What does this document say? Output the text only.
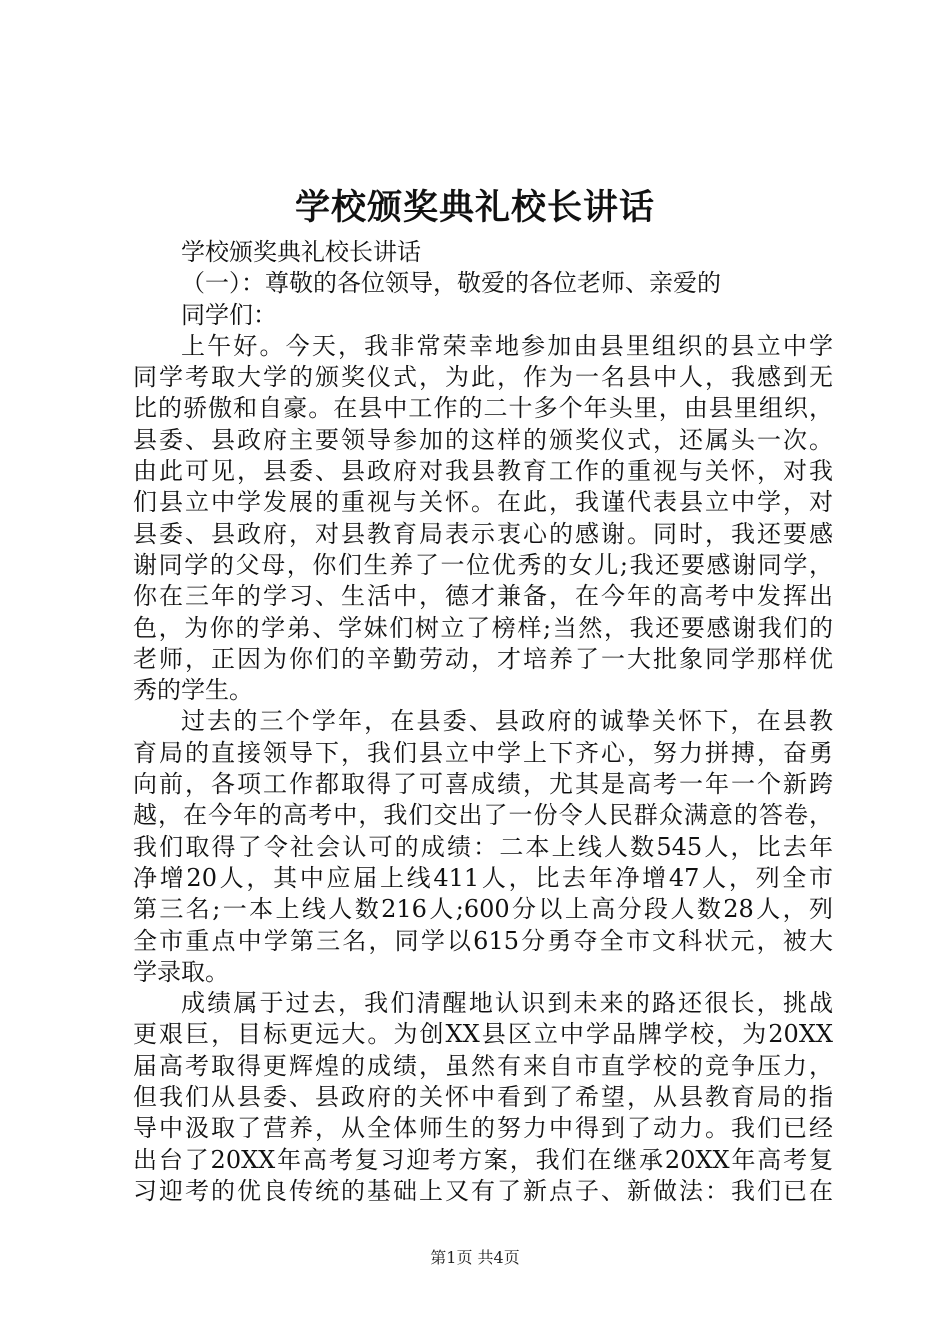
学校颁奖典礼校长讲话
学校颁奖典礼校长讲话
（一）：尊敬的各位领导，敬爱的各位老师、亲爱的
同学们：
上午好。今天，我非常荣幸地参加由县里组织的县立中学
同学考取大学的颁奖仪式，为此，作为一名县中人，我感到无
比的骄傲和自豪。在县中工作的二十多个年头里，由县里组织，
县委、县政府主要领导参加的这样的颁奖仪式，还属头一次。
由此可见，县委、县政府对我县教育工作的重视与关怀，对我
们县立中学发展的重视与关怀。在此，我谨代表县立中学，对
县委、县政府，对县教育局表示衷心的感谢。同时，我还要感
谢同学的父母，你们生养了一位优秀的女儿;我还要感谢同学，
你在三年的学习、生活中，德才兼备，在今年的高考中发挥出
色，为你的学弟、学妹们树立了榜样;当然，我还要感谢我们的
老师，正因为你们的辛勤劳动，才培养了一大批象同学那样优
秀的学生。
过去的三个学年，在县委、县政府的诚挚关怀下，在县教
育局的直接领导下，我们县立中学上下齐心，努力拼搏，奋勇
向前，各项工作都取得了可喜成绩，尤其是高考一年一个新跨
越，在今年的高考中，我们交出了一份令人民群众满意的答卷，
我们取得了令社会认可的成绩：二本上线人数545人，比去年
净增20人，其中应届上线411人，比去年净增47人，列全市
第三名;一本上线人数216人;600分以上高分段人数28人，列
全市重点中学第三名，同学以615分勇夺全市文科状元，被大
学录取。
成绩属于过去，我们清醒地认识到未来的路还很长，挑战
更艰巨，目标更远大。为创XX县区立中学品牌学校，为20XX
届高考取得更辉煌的成绩，虽然有来自市直学校的竞争压力，
但我们从县委、县政府的关怀中看到了希望，从县教育局的指
导中汲取了营养，从全体师生的努力中得到了动力。我们已经
出台了20XX年高考复习迎考方案，我们在继承20XX年高考复
习迎考的优良传统的基础上又有了新点子、新做法：我们已在
第1页 共4页
